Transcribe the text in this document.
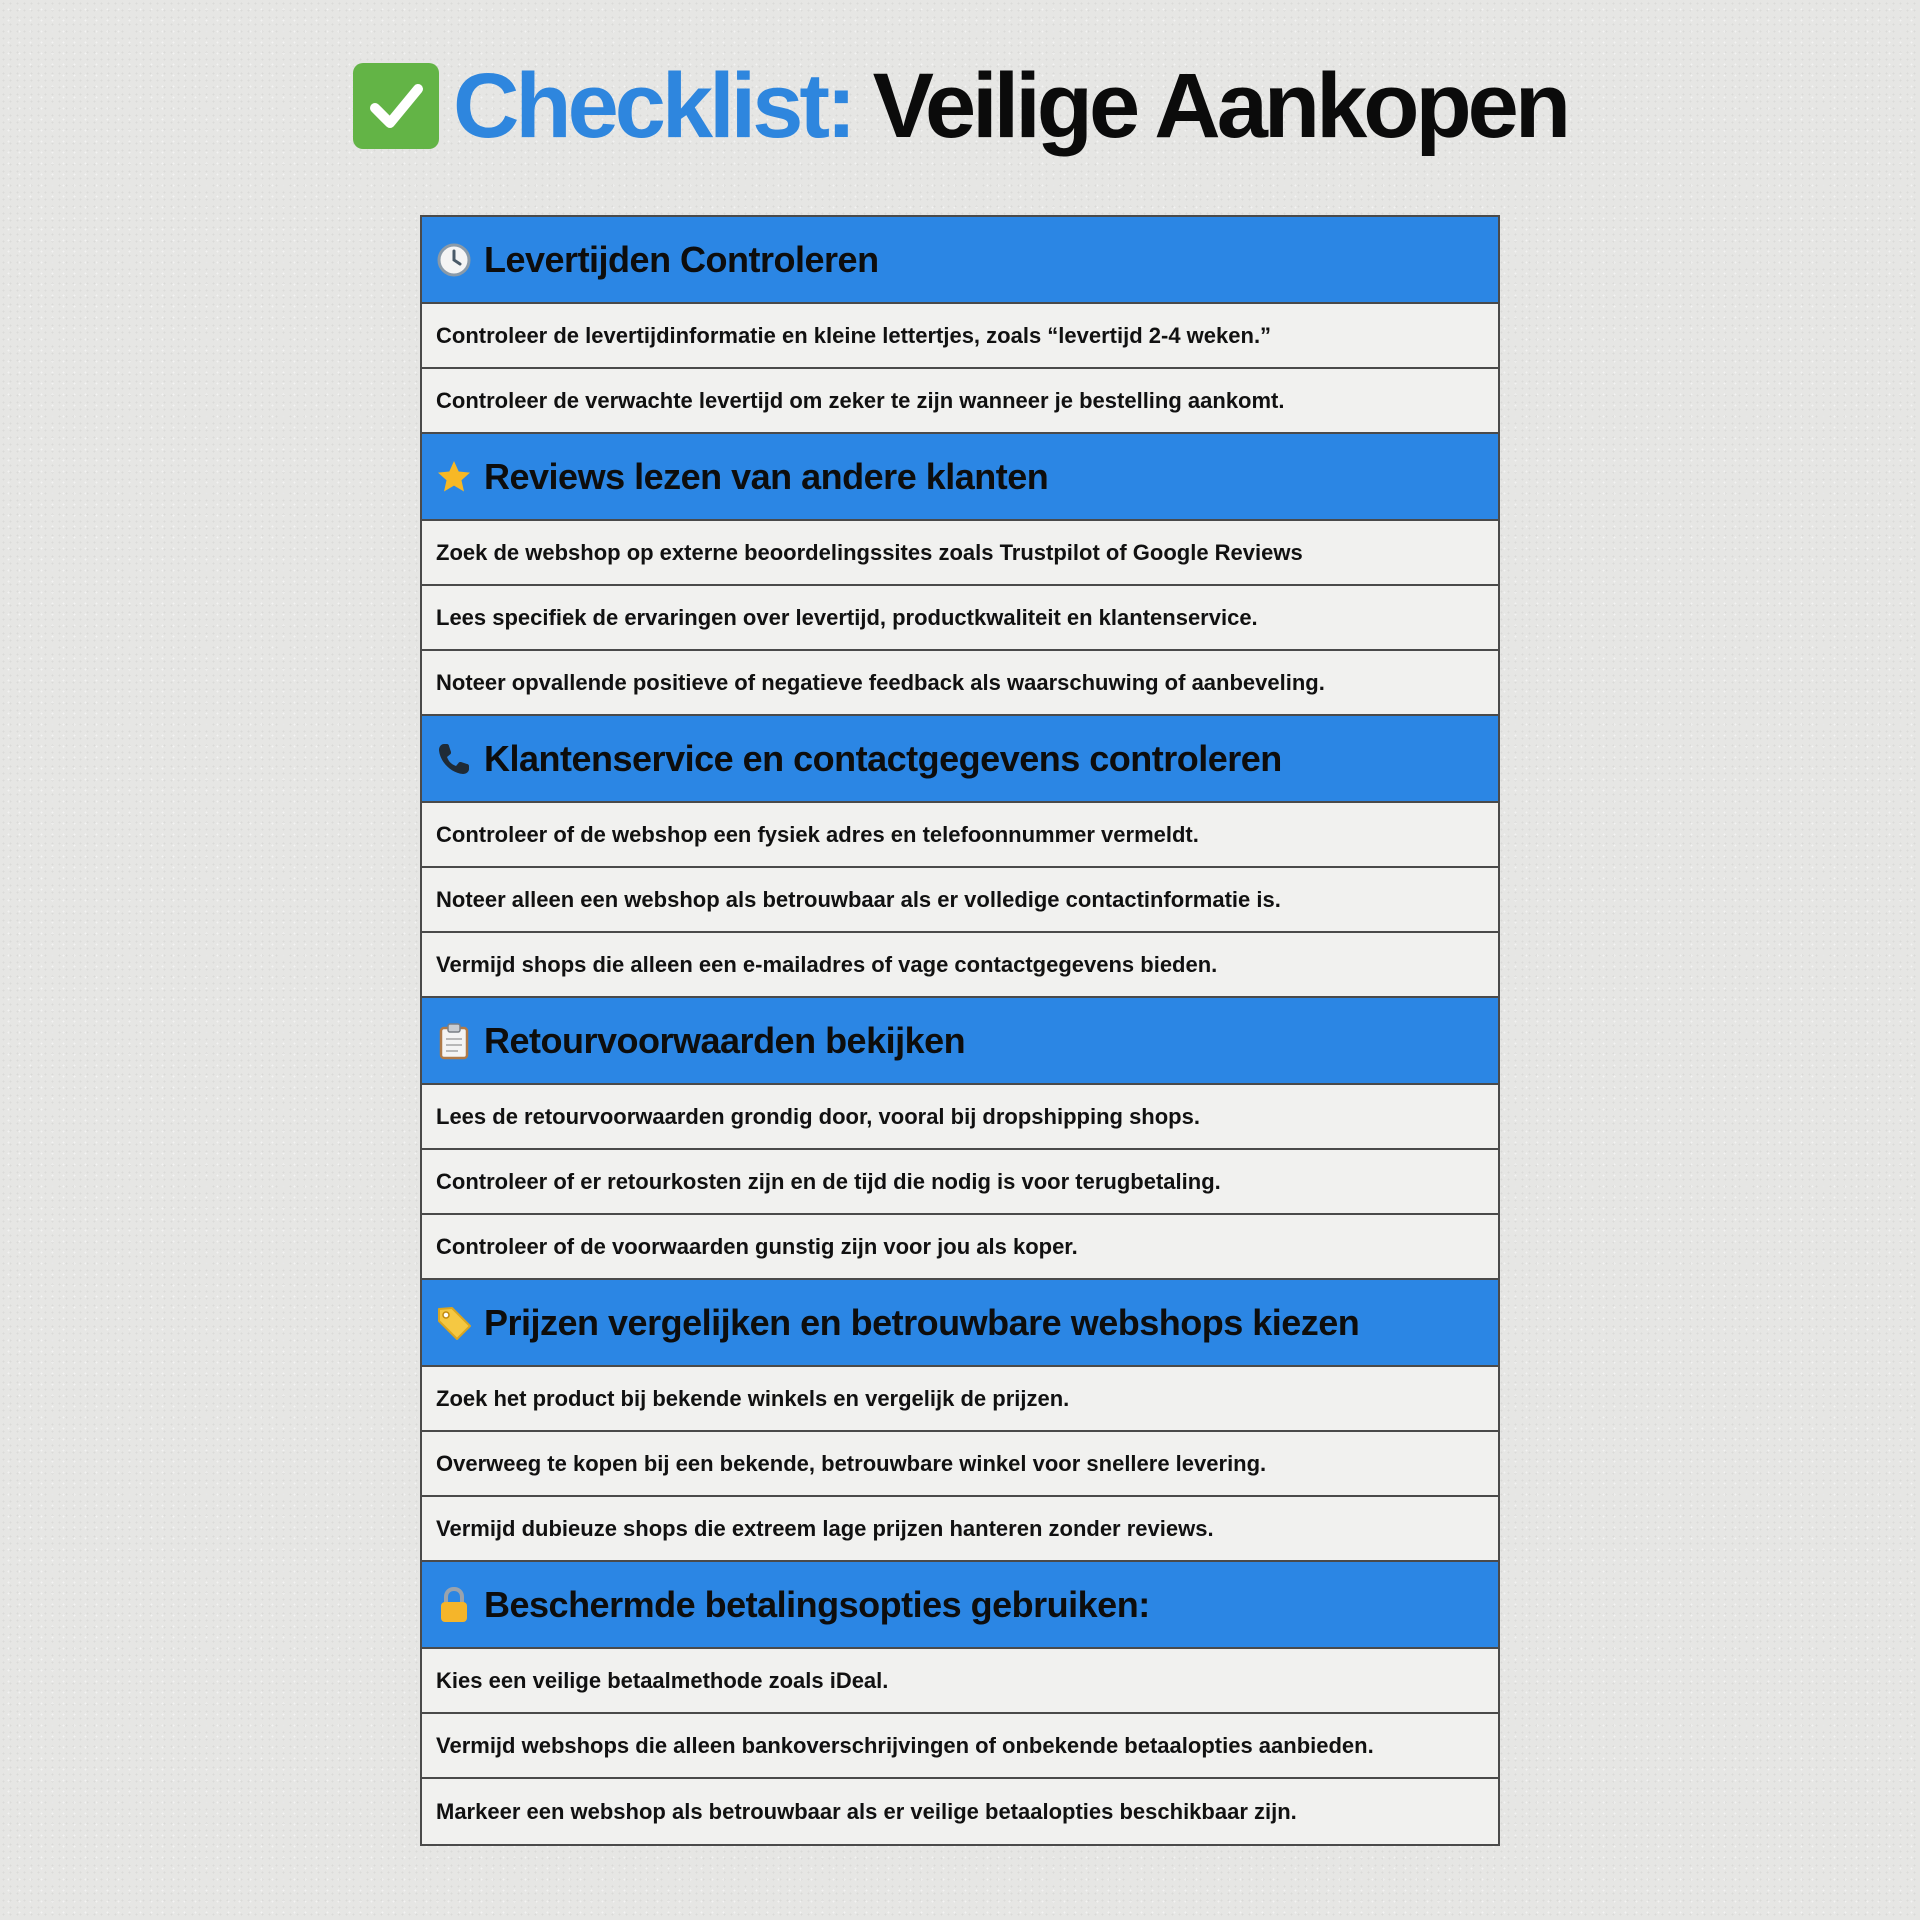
Checklist: Veilige Aankopen
Levertijden Controleren
Controleer de levertijdinformatie en kleine lettertjes, zoals “levertijd 2-4 weken.”
Controleer de verwachte levertijd om zeker te zijn wanneer je bestelling aankomt.
Reviews lezen van andere klanten
Zoek de webshop op externe beoordelingssites zoals Trustpilot of Google Reviews
Lees specifiek de ervaringen over levertijd, productkwaliteit en klantenservice.
Noteer opvallende positieve of negatieve feedback als waarschuwing of aanbeveling.
Klantenservice en contactgegevens controleren
Controleer of de webshop een fysiek adres en telefoonnummer vermeldt.
Noteer alleen een webshop als betrouwbaar als er volledige contactinformatie is.
Vermijd shops die alleen een e-mailadres of vage contactgegevens bieden.
Retourvoorwaarden bekijken
Lees de retourvoorwaarden grondig door, vooral bij dropshipping shops.
Controleer of er retourkosten zijn en de tijd die nodig is voor terugbetaling.
Controleer of de voorwaarden gunstig zijn voor jou als koper.
Prijzen vergelijken en betrouwbare webshops kiezen
Zoek het product bij bekende winkels en vergelijk de prijzen.
Overweeg te kopen bij een bekende, betrouwbare winkel voor snellere levering.
Vermijd dubieuze shops die extreem lage prijzen hanteren zonder reviews.
Beschermde betalingsopties gebruiken:
Kies een veilige betaalmethode zoals iDeal.
Vermijd webshops die alleen bankoverschrijvingen of onbekende betaalopties aanbieden.
Markeer een webshop als betrouwbaar als er veilige betaalopties beschikbaar zijn.
